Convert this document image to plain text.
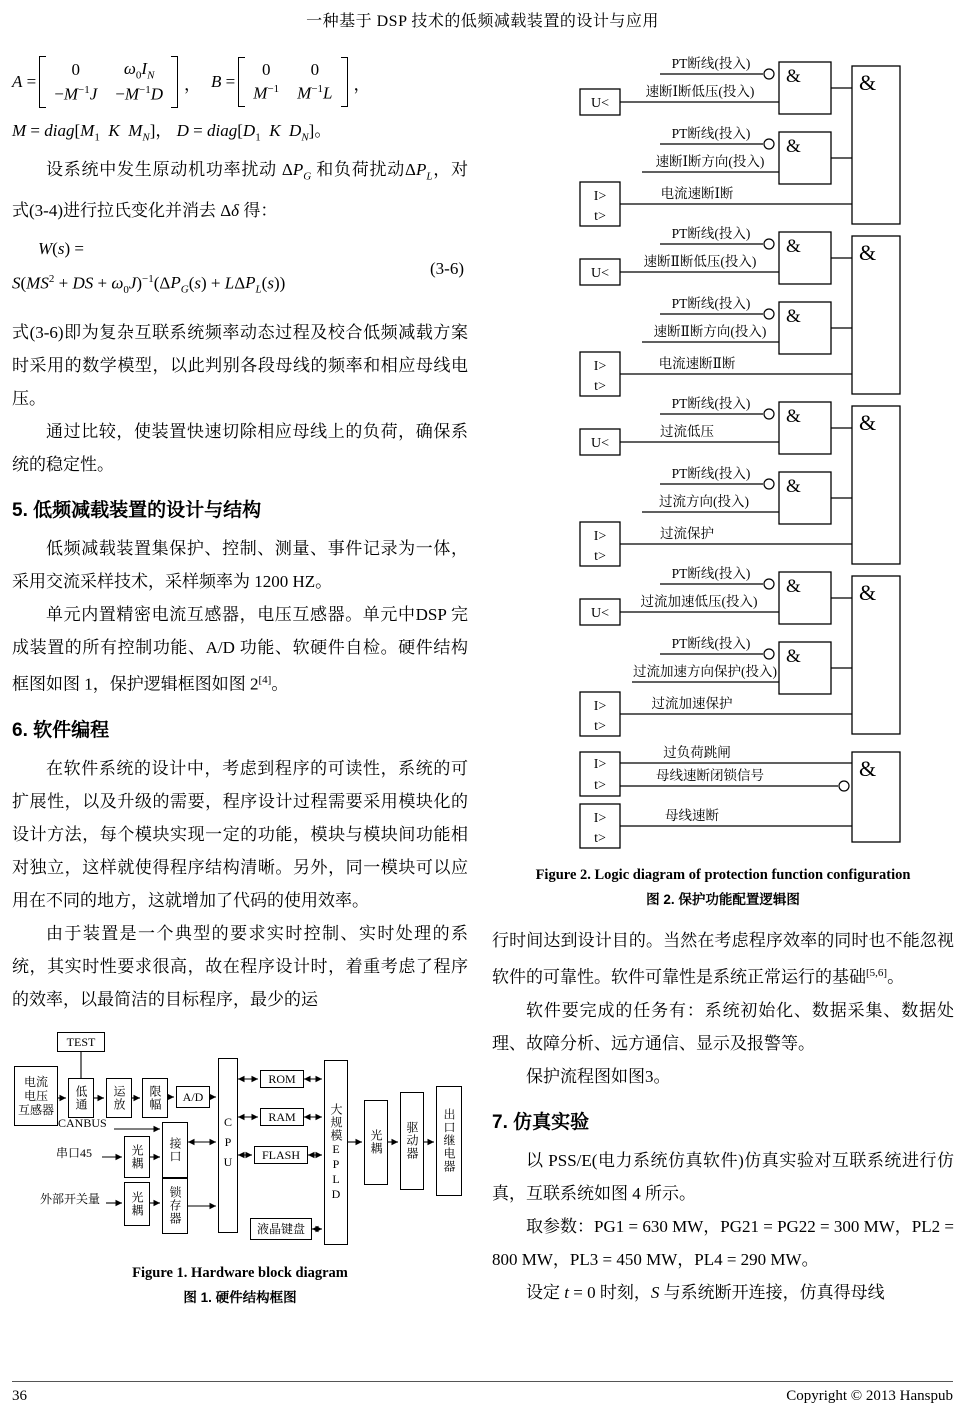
一种基于 DSP 技术的低频减载装置的设计与应用
A =
0	$\omega_0I_N$
$-M^{-1}J -M^{-1}D$
， B =
0 0
$M^{-1}$ $M^{-1}L$ ，
$M = diag[M_1$ K $M_N$]， $D = diag[D_1$ K $D_N$]。

设系统中发生原动机功率扰动 $\Delta P_G$ 和负荷扰动$\Delta P_L$，对式(3-4)进行拉氏变化并消去 Δδ 得：

W(s) =
$S(MS^2$ + DS + $\omega_0J)^{-1}(\Delta P_G(s) + L\Delta P_L(s))$
(3-6)

式(3-6)即为复杂互联系统频率动态过程及校合低频减载方案时采用的数学模型，以此判别各段母线的频率和相应母线电压。

通过比较，使装置快速切除相应母线上的负荷，确保系统的稳定性。

5. 低频减载装置的设计与结构

低频减载装置集保护、控制、测量、事件记录为一体，采用交流采样技术，采样频率为 1200 HZ。

单元内置精密电流互感器，电压互感器。单元中DSP 完成装置的所有控制功能、A/D 功能、软硬件自检。硬件结构框图如图 1，保护逻辑框图如图 2[4]。

6. 软件编程

在软件系统的设计中，考虑到程序的可读性，系统的可扩展性，以及升级的需要，程序设计过程需要采用模块化的设计方法，每个模块实现一定的功能，模块与模块间功能相对独立，这样就使得程序结构清晰。另外，同一模块可以应用在不同的地方，这就增加了代码的使用效率。

由于装置是一个典型的要求实时控制、实时处理的系统，其实时性要求很高，故在程序设计时，着重考虑了程序的效率，以最简洁的目标程序，最少的运

TEST
电流
电压
互感器	低通	运放	限幅	A/D
CPU
ROM
RAM
FLASH	大规模EPLD	光耦	驱动器	出口继电器
CANBUS
串口45	光耦	接口
外部开关量	光耦	锁存器
液晶键盘
Figure 1. Hardware block diagram
图 1. 硬件结构框图
PT断线(投入)
U<
速断Ⅰ断低压(投入)
PT断线(投入)
速断Ⅰ断方向(投入)
I>
t>
电流速断Ⅰ断
&
&
&
PT断线(投入)
U<
速断Ⅱ断低压(投入)
PT断线(投入)
速断Ⅱ断方向(投入)
I>
t>
电流速断Ⅱ断
&
&
&
PT断线(投入)
U<
过流低压
PT断线(投入)
过流方向(投入)
I>
t>
过流保护
&
&
&
PT断线(投入)
U<
过流加速低压(投入)
PT断线(投入)
过流加速方向保护(投入)
I>
t>
过流加速保护
&
&
&
I>
t>
过负荷跳闸
母线速断闭锁信号
I>
t>
母线速断
&
Figure 2. Logic diagram of protection function configuration
图 2. 保护功能配置逻辑图

行时间达到设计目的。当然在考虑程序效率的同时也不能忽视软件的可靠性。软件可靠性是系统正常运行的基础[5,6]。

软件要完成的任务有：系统初始化、数据采集、数据处理、故障分析、远方通信、显示及报警等。

保护流程图如图3。

7. 仿真实验

以 PSS/E(电力系统仿真软件)仿真实验对互联系统进行仿真，互联系统如图 4 所示。

取参数：PG1 = 630 MW，PG21 = PG22 = 300 MW，PL2 = 800 MW，PL3 = 450 MW，PL4 = 290 MW。

设定 t = 0 时刻，S 与系统断开连接，仿真得母线

36	Copyright © 2013 Hanspub
